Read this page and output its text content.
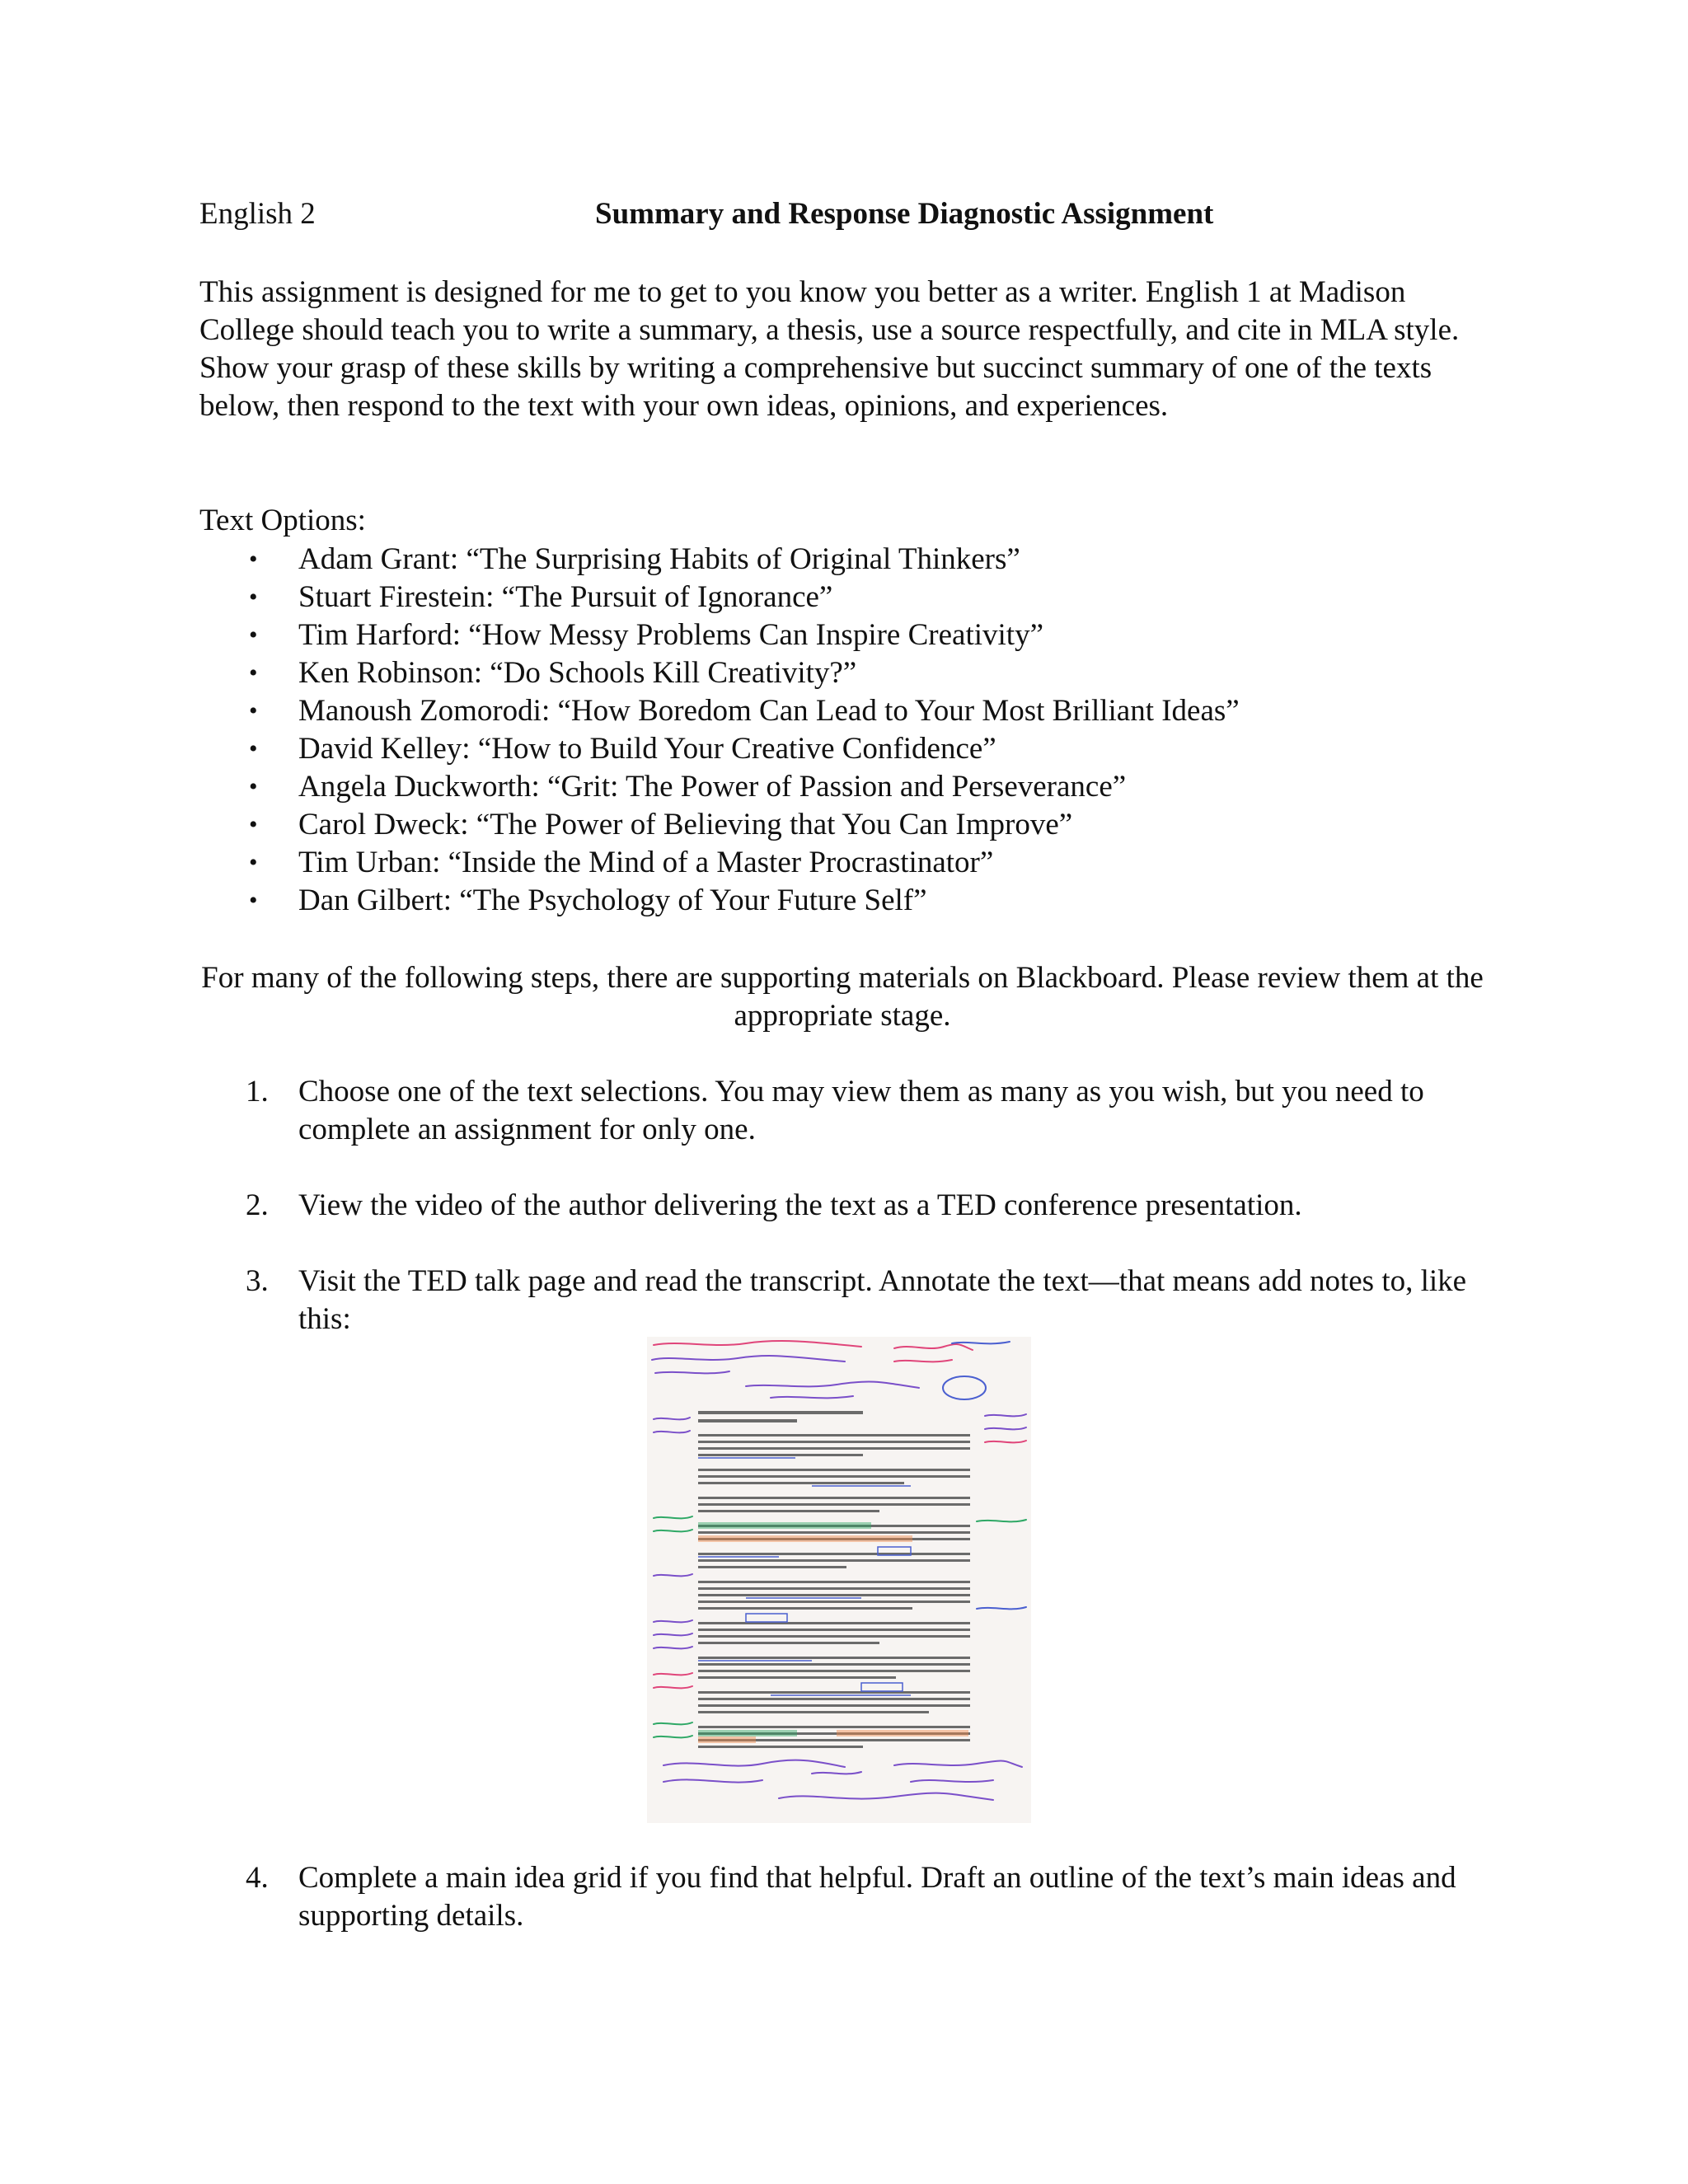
English 2	Summary and Response Diagnostic Assignment

This assignment is designed for me to get to you know you better as a writer. English 1 at Madison College should teach you to write a summary, a thesis, use a source respectfully, and cite in MLA style. Show your grasp of these skills by writing a comprehensive but succinct summary of one of the texts below, then respond to the text with your own ideas, opinions, and experiences.

Text Options:

• Adam Grant: “The Surprising Habits of Original Thinkers”
• Stuart Firestein: “The Pursuit of Ignorance”
• Tim Harford: “How Messy Problems Can Inspire Creativity”
• Ken Robinson: “Do Schools Kill Creativity?”
• Manoush Zomorodi: “How Boredom Can Lead to Your Most Brilliant Ideas”
• David Kelley: “How to Build Your Creative Confidence”
• Angela Duckworth: “Grit: The Power of Passion and Perseverance”
• Carol Dweck: “The Power of Believing that You Can Improve”
• Tim Urban: “Inside the Mind of a Master Procrastinator”
• Dan Gilbert: “The Psychology of Your Future Self”

For many of the following steps, there are supporting materials on Blackboard. Please review them at the appropriate stage.

1. Choose one of the text selections. You may view them as many as you wish, but you need to complete an assignment for only one.
2. View the video of the author delivering the text as a TED conference presentation.
3. Visit the TED talk page and read the transcript. Annotate the text—that means add notes to, like this:
4. Complete a main idea grid if you find that helpful. Draft an outline of the text’s main ideas and supporting details.
